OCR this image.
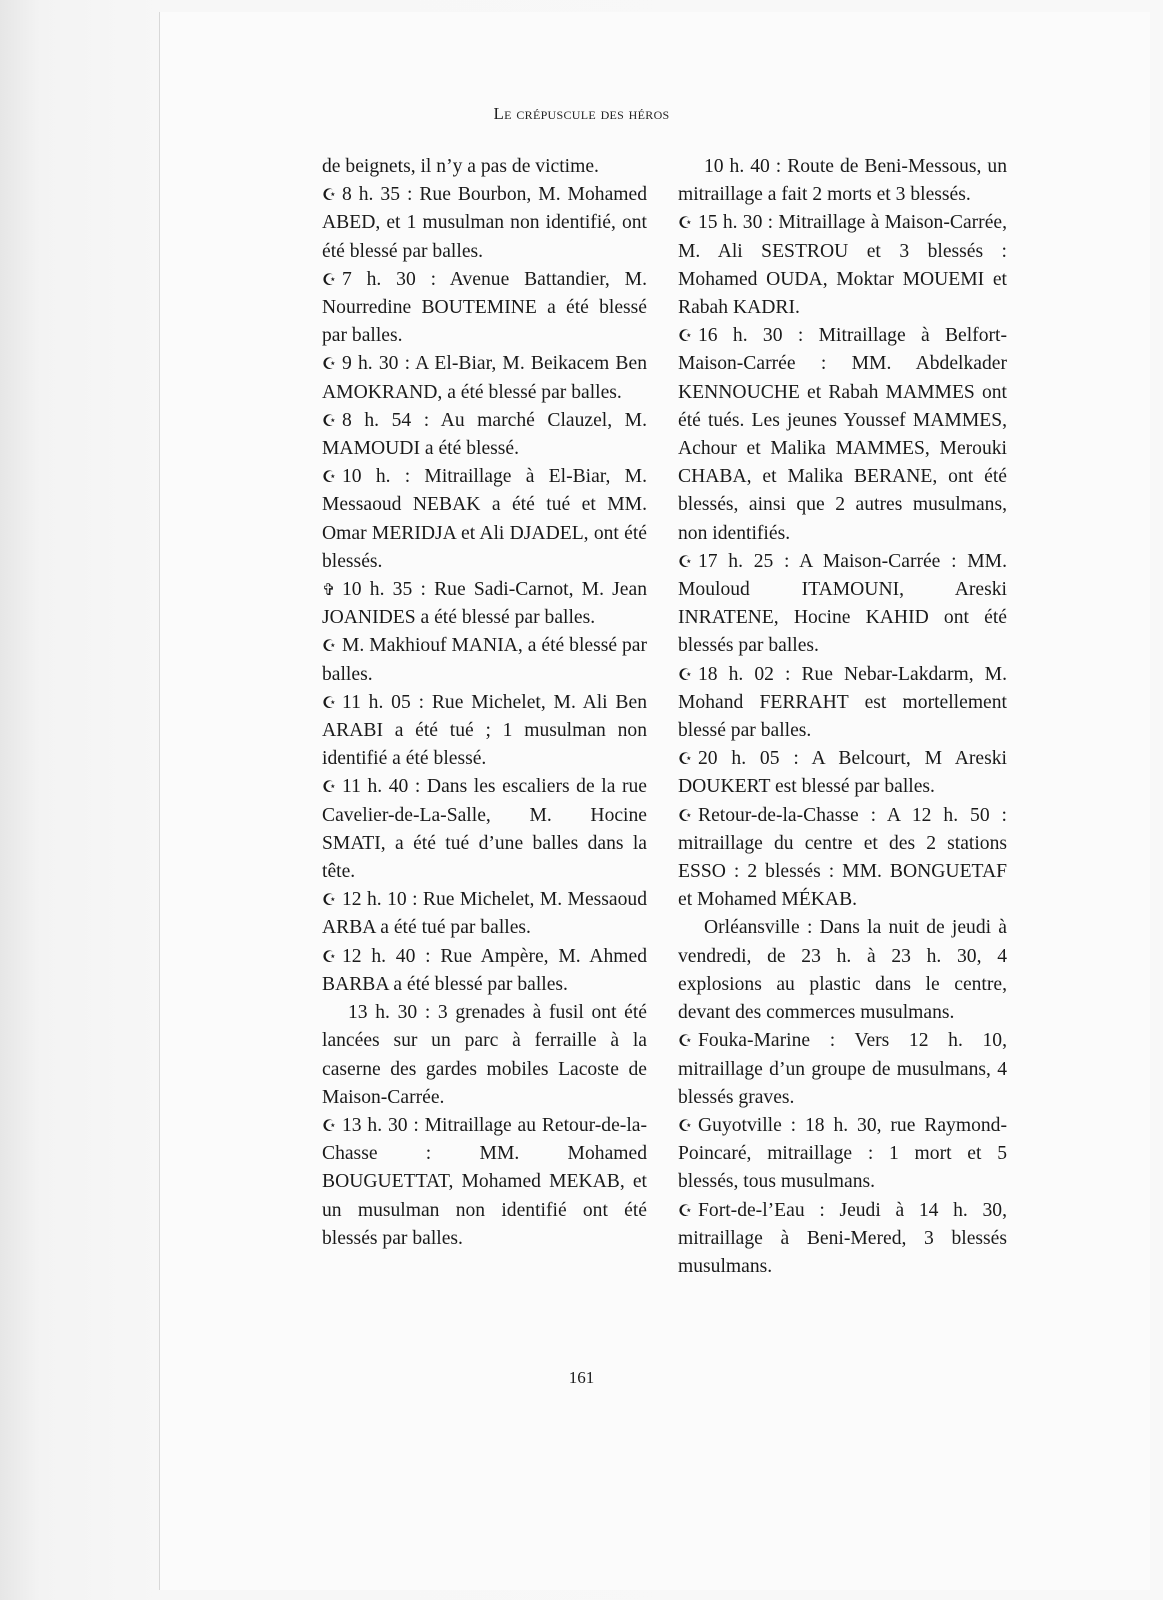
Le crépuscule des héros

de beignets, il n’y a pas de victime.

☪ 8 h. 35 : Rue Bourbon, M. Mohamed ABED, et 1 musulman non identifié, ont été blessé par balles.

☪ 7 h. 30 : Avenue Battandier, M. Nourredine BOUTEMINE a été blessé par balles.

☪ 9 h. 30 : A El-Biar, M. Beikacem Ben AMOKRAND, a été blessé par balles.

☪ 8 h. 54 : Au marché Clauzel, M. MAMOUDI a été blessé.

☪ 10 h. : Mitraillage à El-Biar, M. Messaoud NEBAK a été tué et MM. Omar MERIDJA et Ali DJADEL, ont été blessés.

✞ 10 h. 35 : Rue Sadi-Carnot, M. Jean JOANIDES a été blessé par balles.

☪ M. Makhiouf MANIA, a été blessé par balles.

☪ 11 h. 05 : Rue Michelet, M. Ali Ben ARABI a été tué ; 1 musulman non identifié a été blessé.

☪ 11 h. 40 : Dans les escaliers de la rue Cavelier-de-La-Salle, M. Hocine SMATI, a été tué d’une balles dans la tête.

☪ 12 h. 10 : Rue Michelet, M. Messaoud ARBA a été tué par balles.

☪ 12 h. 40 : Rue Ampère, M. Ahmed BARBA a été blessé par balles.

13 h. 30 : 3 grenades à fusil ont été lancées sur un parc à ferraille à la caserne des gardes mobiles Lacoste de Maison-Carrée.

☪ 13 h. 30 : Mitraillage au Retour-de-la-Chasse : MM. Mohamed BOUGUETTAT, Mohamed MEKAB, et un musulman non identifié ont été blessés par balles.

10 h. 40 : Route de Beni-Messous, un mitraillage a fait 2 morts et 3 blessés.

☪ 15 h. 30 : Mitraillage à Maison-Carrée, M. Ali SESTROU et 3 blessés : Mohamed OUDA, Moktar MOUEMI et Rabah KADRI.

☪ 16 h. 30 : Mitraillage à Belfort-Maison-Carrée : MM. Abdelkader KENNOUCHE et Rabah MAMMES ont été tués. Les jeunes Youssef MAMMES, Achour et Malika MAMMES, Merouki CHABA, et Malika BERANE, ont été blessés, ainsi que 2 autres musulmans, non identifiés.

☪ 17 h. 25 : A Maison-Carrée : MM. Mouloud ITAMOUNI, Areski INRATENE, Hocine KAHID ont été blessés par balles.

☪ 18 h. 02 : Rue Nebar-Lakdarm, M. Mohand FERRAHT est mortellement blessé par balles.

☪ 20 h. 05 : A Belcourt, M Areski DOUKERT est blessé par balles.

☪ Retour-de-la-Chasse : A 12 h. 50 : mitraillage du centre et des 2 stations ESSO : 2 blessés : MM. BONGUETAF et Mohamed MÉKAB.

Orléansville : Dans la nuit de jeudi à vendredi, de 23 h. à 23 h. 30, 4 explosions au plastic dans le centre, devant des commerces musulmans.

☪ Fouka-Marine : Vers 12 h. 10, mitraillage d’un groupe de musulmans, 4 blessés graves.

☪ Guyotville : 18 h. 30, rue Raymond-Poincaré, mitraillage : 1 mort et 5 blessés, tous musulmans.

☪ Fort-de-l’Eau : Jeudi à 14 h. 30, mitraillage à Beni-Mered, 3 blessés musulmans.

161
